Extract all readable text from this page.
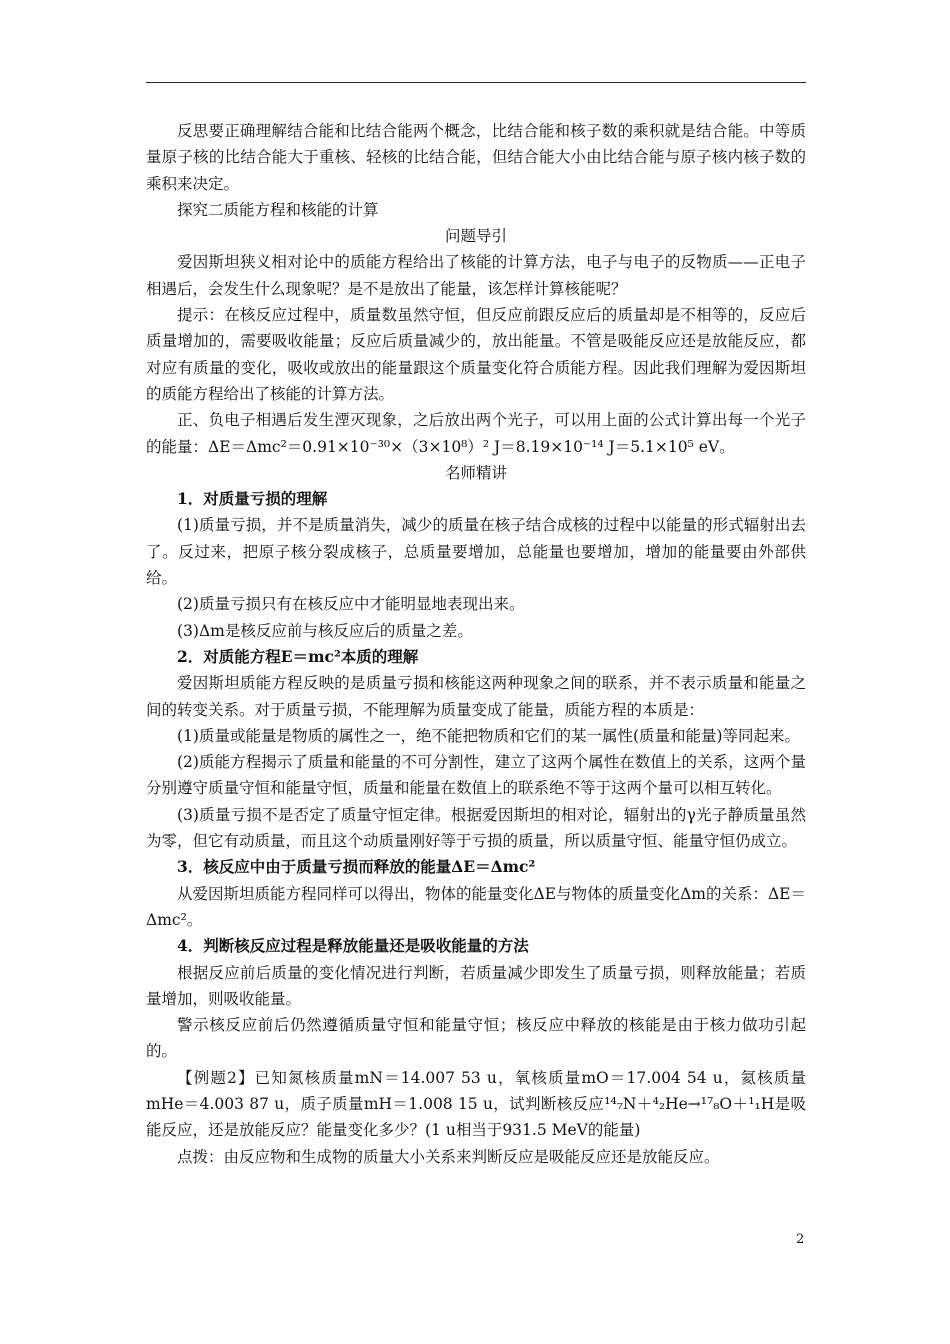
反思要正确理解结合能和比结合能两个概念，比结合能和核子数的乘积就是结合能。中等质量原子核的比结合能大于重核、轻核的比结合能，但结合能大小由比结合能与原子核内核子数的乘积来决定。

探究二质能方程和核能的计算

问题导引

爱因斯坦狭义相对论中的质能方程给出了核能的计算方法，电子与电子的反物质——正电子相遇后，会发生什么现象呢？是不是放出了能量，该怎样计算核能呢？

提示：在核反应过程中，质量数虽然守恒，但反应前跟反应后的质量却是不相等的，反应后质量增加的，需要吸收能量；反应后质量减少的，放出能量。不管是吸能反应还是放能反应，都对应有质量的变化，吸收或放出的能量跟这个质量变化符合质能方程。因此我们理解为爱因斯坦的质能方程给出了核能的计算方法。

正、负电子相遇后发生湮灭现象，之后放出两个光子，可以用上面的公式计算出每一个光子的能量：ΔE＝Δmc²＝0.91×10⁻³⁰×（3×10⁸）² J＝8.19×10⁻¹⁴ J＝5.1×10⁵ eV。

名师精讲

1．对质量亏损的理解

(1)质量亏损，并不是质量消失，减少的质量在核子结合成核的过程中以能量的形式辐射出去了。反过来，把原子核分裂成核子，总质量要增加，总能量也要增加，增加的能量要由外部供给。

(2)质量亏损只有在核反应中才能明显地表现出来。

(3)Δm是核反应前与核反应后的质量之差。

2．对质能方程E＝mc²本质的理解

爱因斯坦质能方程反映的是质量亏损和核能这两种现象之间的联系，并不表示质量和能量之间的转变关系。对于质量亏损，不能理解为质量变成了能量，质能方程的本质是：

(1)质量或能量是物质的属性之一，绝不能把物质和它们的某一属性(质量和能量)等同起来。

(2)质能方程揭示了质量和能量的不可分割性，建立了这两个属性在数值上的关系，这两个量分别遵守质量守恒和能量守恒，质量和能量在数值上的联系绝不等于这两个量可以相互转化。

(3)质量亏损不是否定了质量守恒定律。根据爱因斯坦的相对论，辐射出的γ光子静质量虽然为零，但它有动质量，而且这个动质量刚好等于亏损的质量，所以质量守恒、能量守恒仍成立。

3．核反应中由于质量亏损而释放的能量ΔE＝Δmc²

从爱因斯坦质能方程同样可以得出，物体的能量变化ΔE与物体的质量变化Δm的关系：ΔE＝Δmc²。

4．判断核反应过程是释放能量还是吸收能量的方法

根据反应前后质量的变化情况进行判断，若质量减少即发生了质量亏损，则释放能量；若质量增加，则吸收能量。

警示核反应前后仍然遵循质量守恒和能量守恒；核反应中释放的核能是由于核力做功引起的。

【例题2】已知氮核质量mN＝14.007 53 u，氧核质量mO＝17.004 54 u，氦核质量mHe＝4.003 87 u，质子质量mH＝1.008 15 u，试判断核反应¹⁴₇N＋⁴₂He→¹⁷₈O＋¹₁H是吸能反应，还是放能反应？能量变化多少？(1 u相当于931.5 MeV的能量)

点拨：由反应物和生成物的质量大小关系来判断反应是吸能反应还是放能反应。

2
